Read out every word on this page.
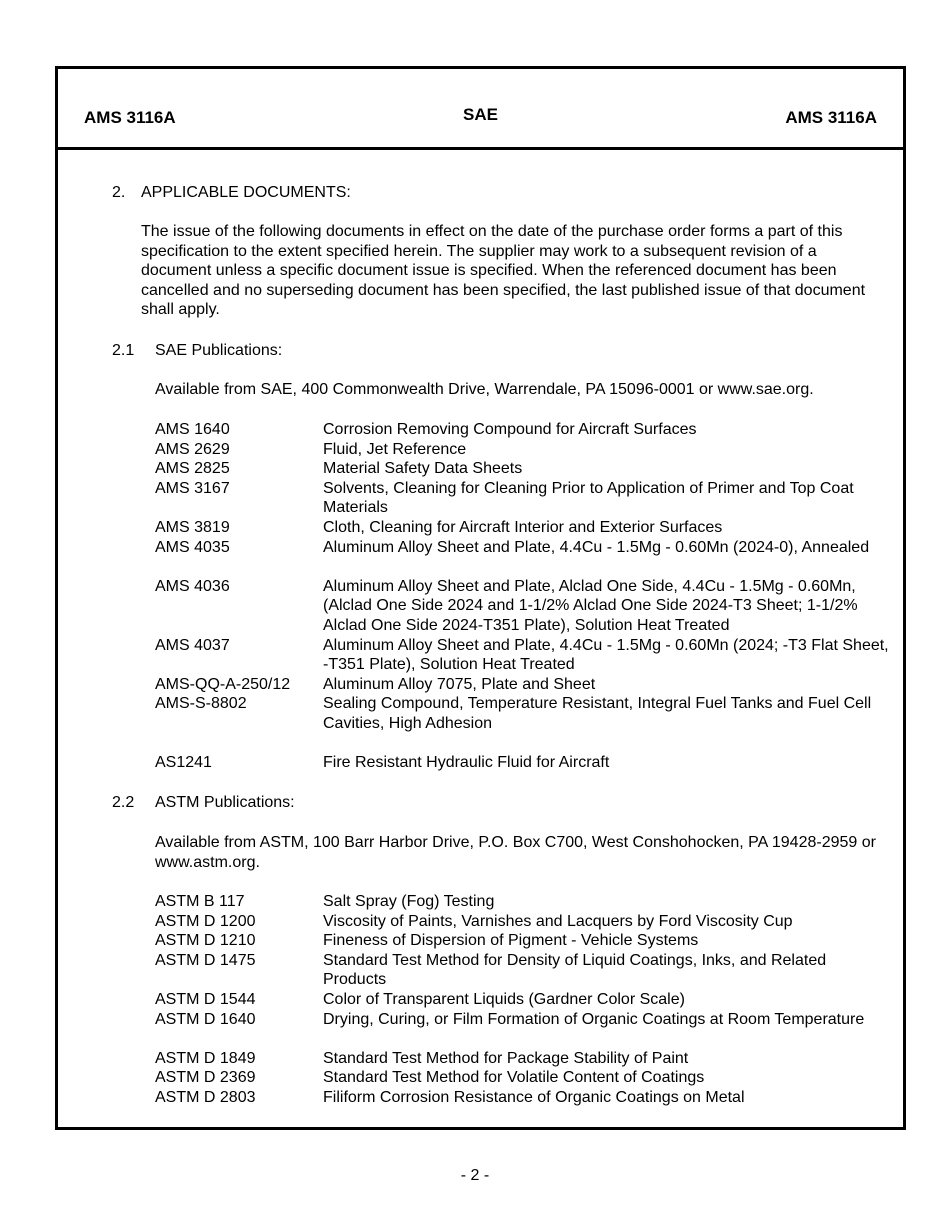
AMS 3116A	SAE	AMS 3116A
2. APPLICABLE DOCUMENTS:
The issue of the following documents in effect on the date of the purchase order forms a part of this specification to the extent specified herein. The supplier may work to a subsequent revision of a document unless a specific document issue is specified. When the referenced document has been cancelled and no superseding document has been specified, the last published issue of that document shall apply.
2.1 SAE Publications:
Available from SAE, 400 Commonwealth Drive, Warrendale, PA 15096-0001 or www.sae.org.
AMS 1640	Corrosion Removing Compound for Aircraft Surfaces
AMS 2629	Fluid, Jet Reference
AMS 2825	Material Safety Data Sheets
AMS 3167	Solvents, Cleaning for Cleaning Prior to Application of Primer and Top Coat Materials
AMS 3819	Cloth, Cleaning for Aircraft Interior and Exterior Surfaces
AMS 4035	Aluminum Alloy Sheet and Plate, 4.4Cu - 1.5Mg - 0.60Mn (2024-0), Annealed
AMS 4036	Aluminum Alloy Sheet and Plate, Alclad One Side, 4.4Cu - 1.5Mg - 0.60Mn, (Alclad One Side 2024 and 1-1/2% Alclad One Side 2024-T3 Sheet; 1-1/2% Alclad One Side 2024-T351 Plate), Solution Heat Treated
AMS 4037	Aluminum Alloy Sheet and Plate, 4.4Cu - 1.5Mg - 0.60Mn (2024; -T3 Flat Sheet, -T351 Plate), Solution Heat Treated
AMS-QQ-A-250/12	Aluminum Alloy 7075, Plate and Sheet
AMS-S-8802	Sealing Compound, Temperature Resistant, Integral Fuel Tanks and Fuel Cell Cavities, High Adhesion
AS1241	Fire Resistant Hydraulic Fluid for Aircraft
2.2 ASTM Publications:
Available from ASTM, 100 Barr Harbor Drive, P.O. Box C700, West Conshohocken, PA 19428-2959 or www.astm.org.
ASTM B 117	Salt Spray (Fog) Testing
ASTM D 1200	Viscosity of Paints, Varnishes and Lacquers by Ford Viscosity Cup
ASTM D 1210	Fineness of Dispersion of Pigment - Vehicle Systems
ASTM D 1475	Standard Test Method for Density of Liquid Coatings, Inks, and Related Products
ASTM D 1544	Color of Transparent Liquids (Gardner Color Scale)
ASTM D 1640	Drying, Curing, or Film Formation of Organic Coatings at Room Temperature
ASTM D 1849	Standard Test Method for Package Stability of Paint
ASTM D 2369	Standard Test Method for Volatile Content of Coatings
ASTM D 2803	Filiform Corrosion Resistance of Organic Coatings on Metal
- 2 -
